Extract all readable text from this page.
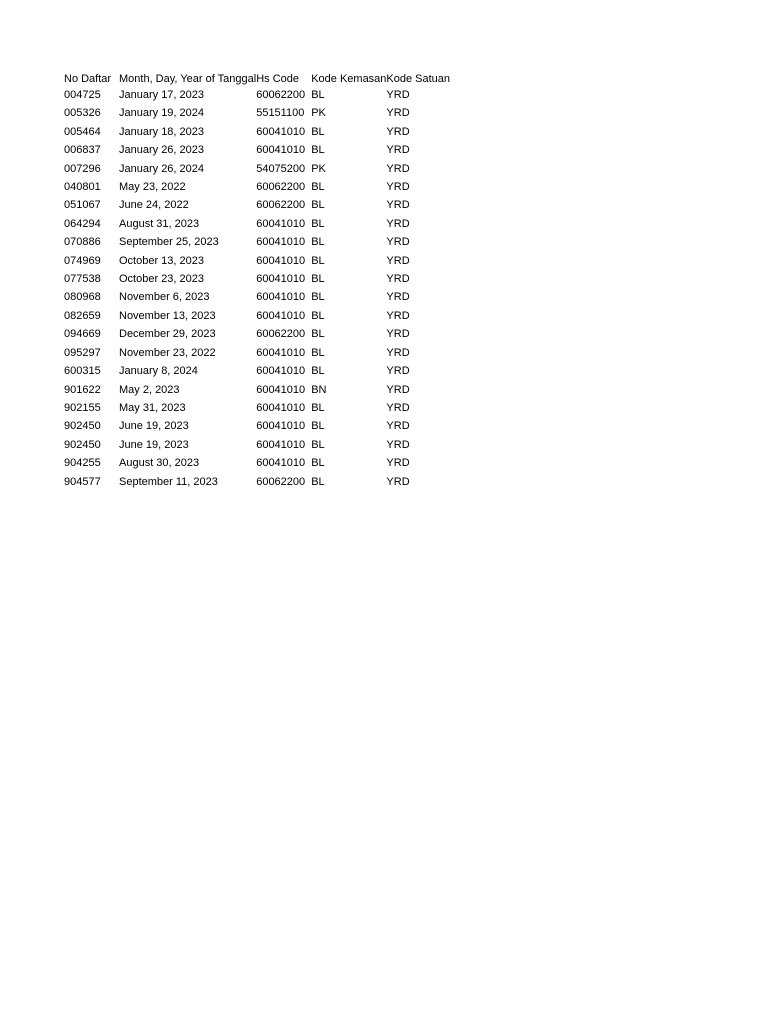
No Daftar	Month, Day, Year of Tanggal	Hs Code	Kode Kemasan	Kode Satuan
004725	January 17, 2023	60062200	BL	YRD
005326	January 19, 2024	55151100	PK	YRD
005464	January 18, 2023	60041010	BL	YRD
006837	January 26, 2023	60041010	BL	YRD
007296	January 26, 2024	54075200	PK	YRD
040801	May 23, 2022	60062200	BL	YRD
051067	June 24, 2022	60062200	BL	YRD
064294	August 31, 2023	60041010	BL	YRD
070886	September 25, 2023	60041010	BL	YRD
074969	October 13, 2023	60041010	BL	YRD
077538	October 23, 2023	60041010	BL	YRD
080968	November 6, 2023	60041010	BL	YRD
082659	November 13, 2023	60041010	BL	YRD
094669	December 29, 2023	60062200	BL	YRD
095297	November 23, 2022	60041010	BL	YRD
600315	January 8, 2024	60041010	BL	YRD
901622	May 2, 2023	60041010	BN	YRD
902155	May 31, 2023	60041010	BL	YRD
902450	June 19, 2023	60041010	BL	YRD
902450	June 19, 2023	60041010	BL	YRD
904255	August 30, 2023	60041010	BL	YRD
904577	September 11, 2023	60062200	BL	YRD
